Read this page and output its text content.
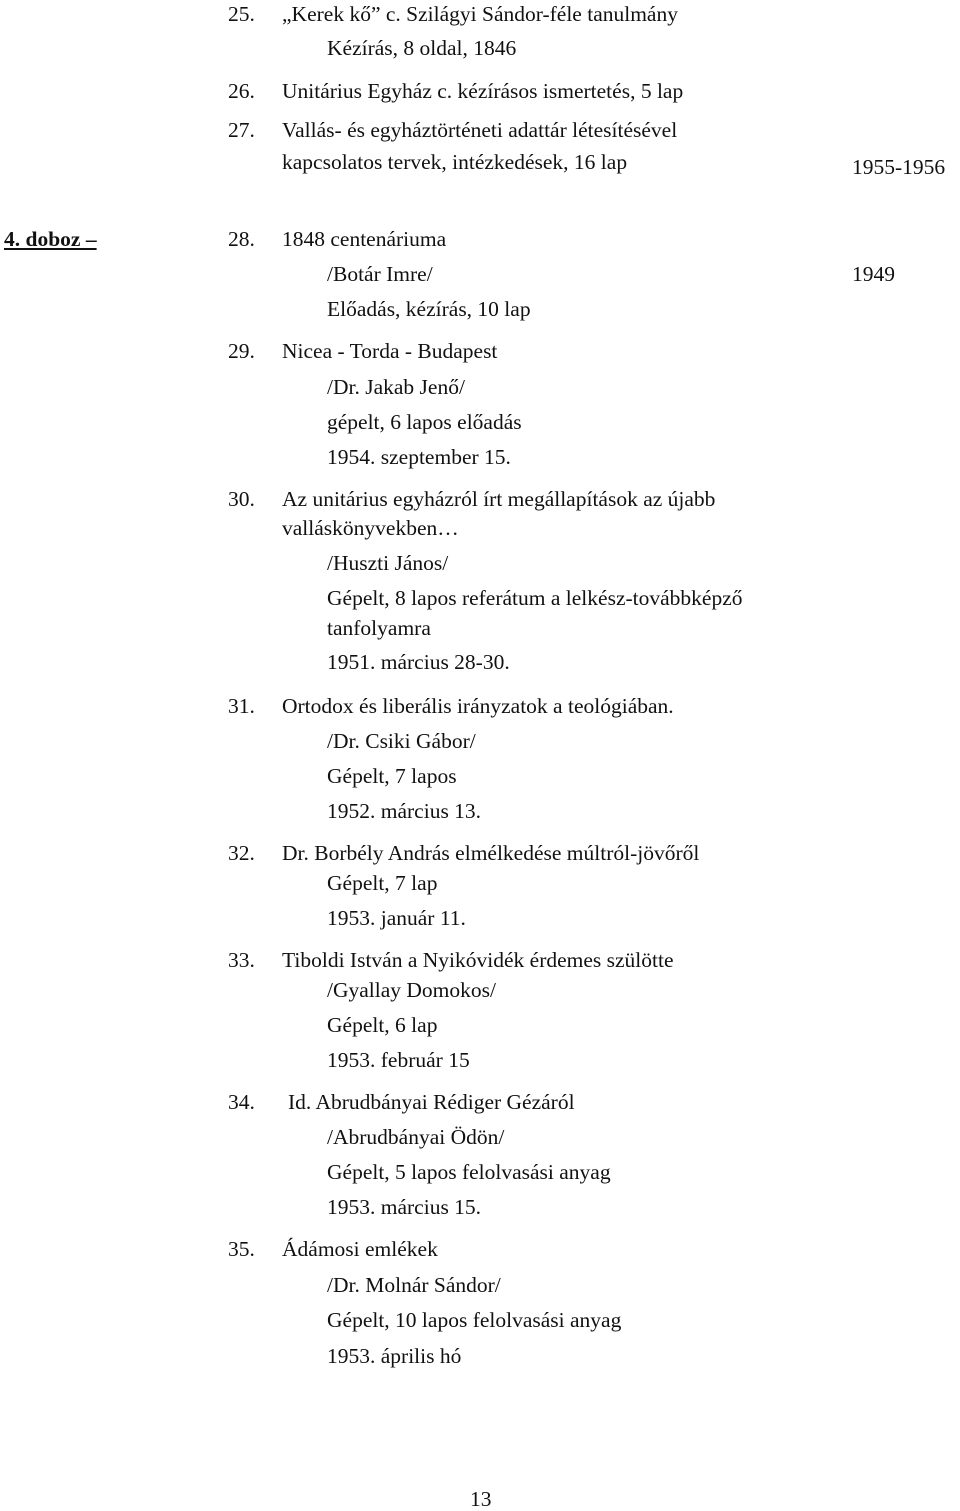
25. „Kerek kő” c. Szilágyi Sándor-féle tanulmány
Kézírás, 8 oldal, 1846
26. Unitárius Egyház c. kézírásos ismertetés, 5 lap
27. Vallás- és egyháztörténeti adattár létesítésével
kapcsolatos tervek, intézkedések, 16 lap	1955-1956
4. doboz –	28. 1848 centenáriuma
/Botár Imre/	1949
Előadás, kézírás, 10 lap
29. Nicea - Torda - Budapest
/Dr. Jakab Jenő/
gépelt, 6 lapos előadás
1954. szeptember 15.
30. Az unitárius egyházról írt megállapítások az újabb
valláskönyvekben…
/Huszti János/
Gépelt, 8 lapos referátum a lelkész-továbbképző
tanfolyamra
1951. március 28-30.
31. Ortodox és liberális irányzatok a teológiában.
/Dr. Csiki Gábor/
Gépelt, 7 lapos
1952. március 13.
32. Dr. Borbély András elmélkedése múltról-jövőről
Gépelt, 7 lap
1953. január 11.
33. Tiboldi István a Nyikóvidék érdemes szülötte
/Gyallay Domokos/
Gépelt, 6 lap
1953. február 15
34. Id. Abrudbányai Rédiger Gézáról
/Abrudbányai Ödön/
Gépelt, 5 lapos felolvasási anyag
1953. március 15.
35. Ádámosi emlékek
/Dr. Molnár Sándor/
Gépelt, 10 lapos felolvasási anyag
1953. április hó
13
